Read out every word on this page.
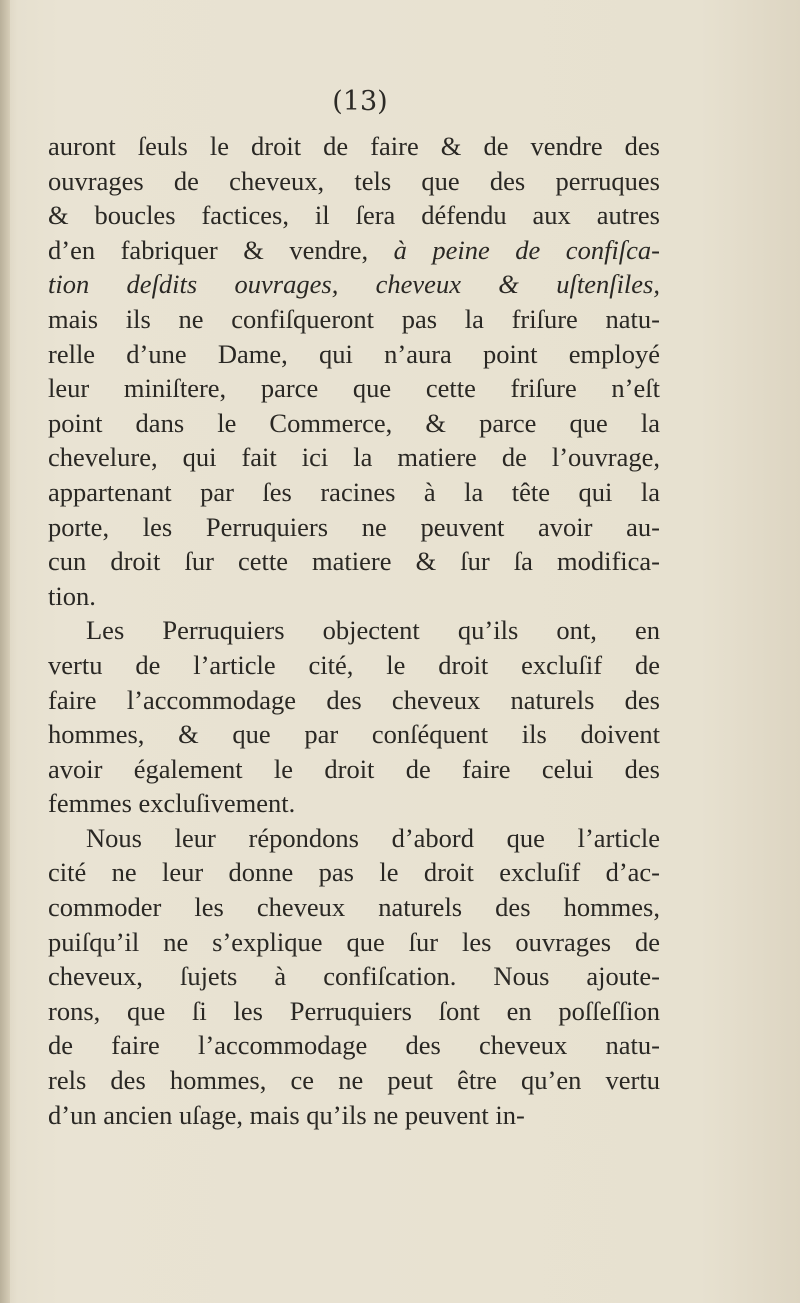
(13)
auront ſeuls le droit de faire & de vendre des
ouvrages de cheveux, tels que des perruques
& boucles factices, il ſera défendu aux autres
d’en fabriquer & vendre, à peine de confiſca-
tion deſdits ouvrages, cheveux & uſtenſiles,
mais ils ne confiſqueront pas la friſure natu-
relle d’une Dame, qui n’aura point employé
leur miniſtere, parce que cette friſure n’eſt
point dans le Commerce, & parce que la
chevelure, qui fait ici la matiere de l’ouvrage,
appartenant par ſes racines à la tête qui la
porte, les Perruquiers ne peuvent avoir au-
cun droit ſur cette matiere & ſur ſa modifica-
tion.
Les Perruquiers objectent qu’ils ont, en
vertu de l’article cité, le droit excluſif de
faire l’accommodage des cheveux naturels des
hommes, & que par conſéquent ils doivent
avoir également le droit de faire celui des
femmes excluſivement.
Nous leur répondons d’abord que l’article
cité ne leur donne pas le droit excluſif d’ac-
commoder les cheveux naturels des hommes,
puiſqu’il ne s’explique que ſur les ouvrages de
cheveux, ſujets à confiſcation. Nous ajoute-
rons, que ſi les Perruquiers ſont en poſſeſſion
de faire l’accommodage des cheveux natu-
rels des hommes, ce ne peut être qu’en vertu
d’un ancien uſage, mais qu’ils ne peuvent in-
